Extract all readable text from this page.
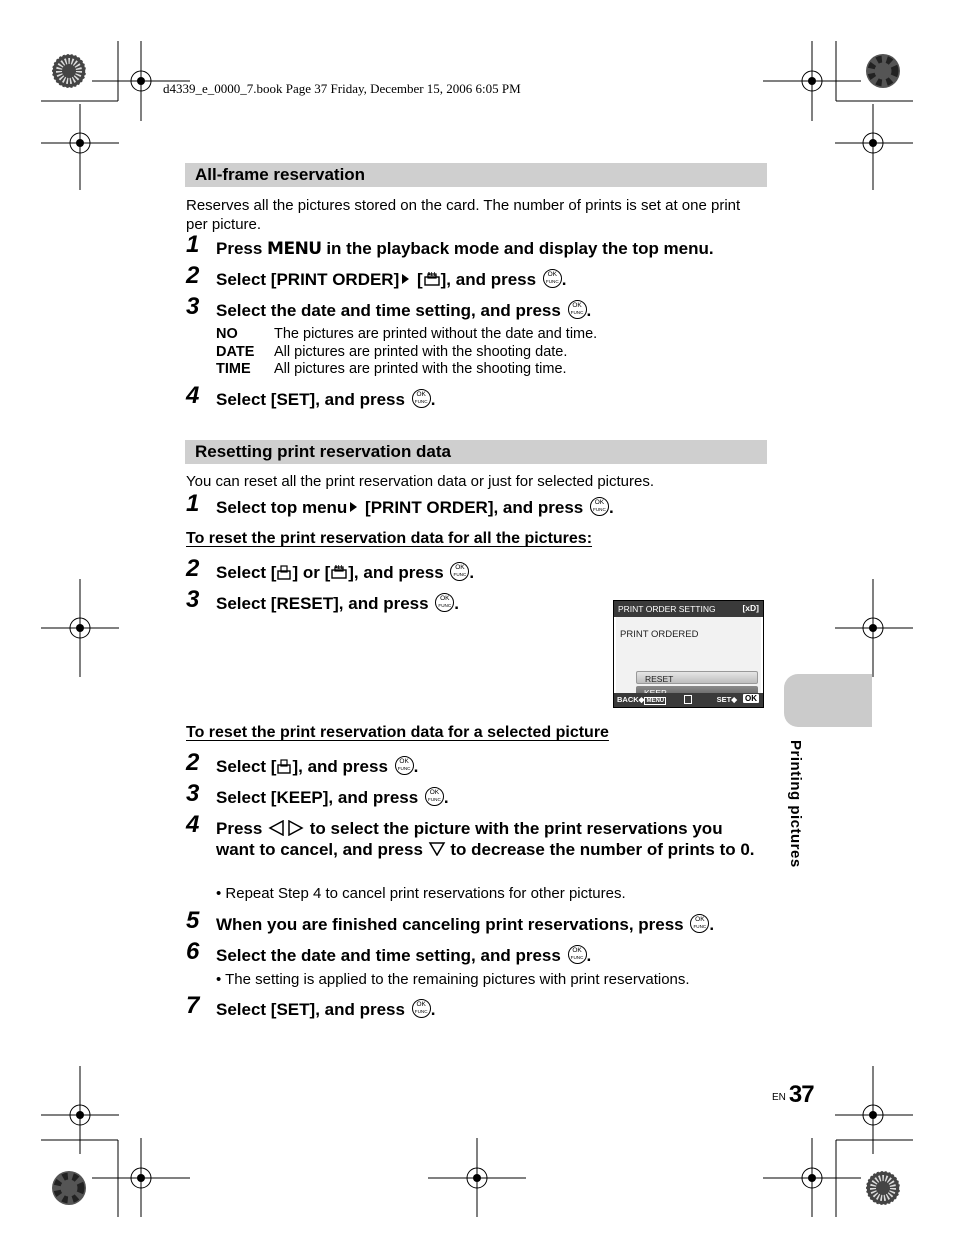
d4339_e_0000_7.book Page 37 Friday, December 15, 2006 6:05 PM
All-frame reservation
Reserves all the pictures stored on the card. The number of prints is set at one print per picture.
1 Press MENU in the playback mode and display the top menu.
2 Select [PRINT ORDER] [ ALL ], and press OK FUNC.
3 Select the date and time setting, and press OK FUNC.
NO	The pictures are printed without the date and time.
DATE All pictures are printed with the shooting date.
TIME All pictures are printed with the shooting time.
4 Select [SET], and press OK FUNC.
Resetting print reservation data
You can reset all the print reservation data or just for selected pictures.
1 Select top menu [PRINT ORDER], and press OK FUNC.
To reset the print reservation data for all the pictures:
2 Select [ ] or [ ALL ], and press OK FUNC.
3 Select [RESET], and press OK FUNC.	PRINT ORDER SETTING	[xD]
PRINT ORDERED
RESET
BACK◆ MENU	SET◆ OK
To reset the print reservation data for a selected picture
2 Select [ ], and press OK FUNC.
3 Select [KEEP], and press OK FUNC.
4 Press  to select the picture with the print reservations you want to cancel, and press  to decrease the number of prints to 0.
• Repeat Step 4 to cancel print reservations for other pictures.
5 When you are finished canceling print reservations, press OK FUNC.
6 Select the date and time setting, and press OK FUNC.
• The setting is applied to the remaining pictures with print reservations.
7 Select [SET], and press OK FUNC.
Printing pictures
EN 37
